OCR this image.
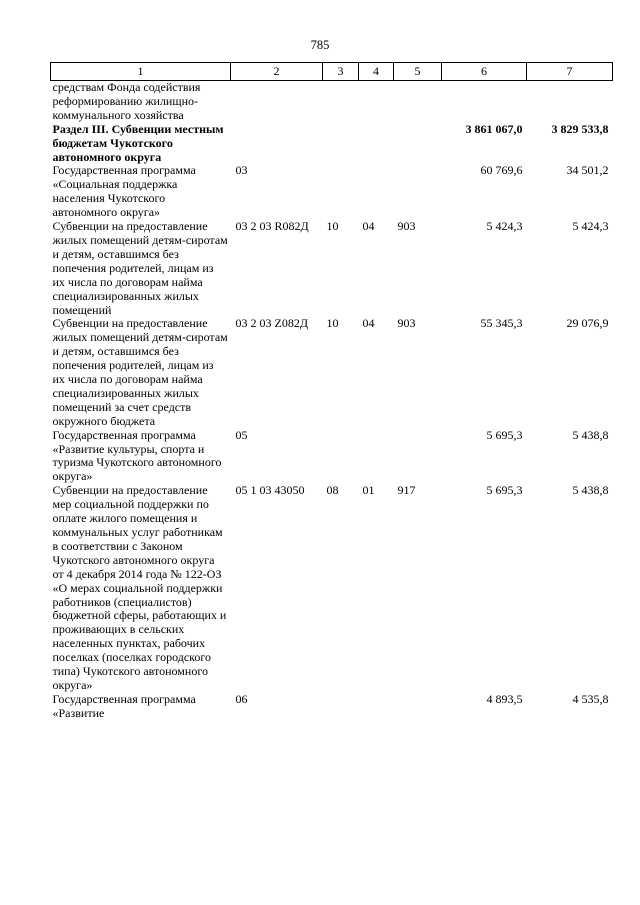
785
1	2	3	4	5	6	7
средствам Фонда содействия реформированию жилищно-коммунального хозяйства						
Раздел III. Субвенции местным бюджетам Чукотского автономного округа					3 861 067,0	3 829 533,8
Государственная программа «Социальная поддержка населения Чукотского автономного округа»	03				60 769,6	34 501,2
Субвенции на предоставление жилых помещений детям-сиротам и детям, оставшимся без попечения родителей, лицам из их числа по договорам найма специализированных жилых помещений	03 2 03 R082Д	10	04	903	5 424,3	5 424,3
Субвенции на предоставление жилых помещений детям-сиротам и детям, оставшимся без попечения родителей, лицам из их числа по договорам найма специализированных жилых помещений за счет средств окружного бюджета	03 2 03 Z082Д	10	04	903	55 345,3	29 076,9
Государственная программа «Развитие культуры, спорта и туризма Чукотского автономного округа»	05				5 695,3	5 438,8
Субвенции на предоставление мер социальной поддержки по оплате жилого помещения и коммунальных услуг работникам в соответствии с Законом Чукотского автономного округа от 4 декабря 2014 года № 122-ОЗ «О мерах социальной поддержки работников (специалистов) бюджетной сферы, работающих и проживающих в сельских населенных пунктах, рабочих поселках (поселках городского типа) Чукотского автономного округа»	05 1 03 43050	08	01	917	5 695,3	5 438,8
Государственная программа «Развитие	06				4 893,5	4 535,8
